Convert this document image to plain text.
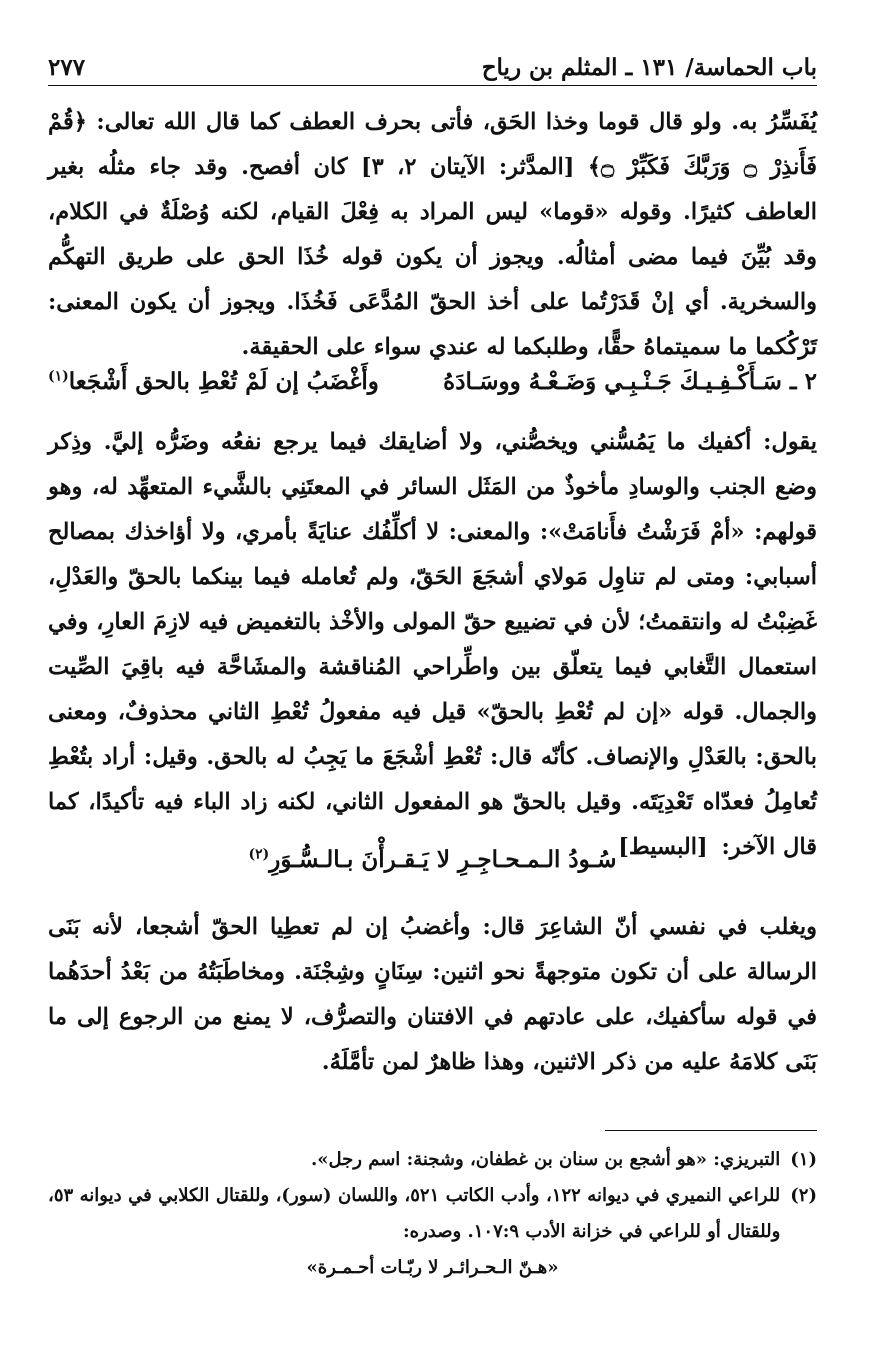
باب الحماسة/ ١٣١ ـ المثلم بن رياح
٢٧٧

يُفَسِّرُ به. ولو قال قوما وخذا الحَق، فأتى بحرف العطف كما قال الله تعالى: ﴿قُمْ فَأَنذِرْ ۝ وَرَبَّكَ فَكَبِّرْ ۝﴾ [المدَّثر: الآيتان ٢، ٣] كان أفصح. وقد جاء مثلُه بغير العاطف كثيرًا. وقوله «قوما» ليس المراد به فِعْلَ القيام، لكنه وُصْلَةٌ في الكلام، وقد بُيِّنَ فيما مضى أمثالُه. ويجوز أن يكون قوله خُذَا الحق على طريق التهكُّم والسخرية. أي إنْ قَدَرْتُما على أخذ الحقّ المُدَّعَى فَخُذَا. ويجوز أن يكون المعنى: تَرْكُكما ما سميتماهُ حقًّا، وطلبكما له عندي سواء على الحقيقة.

٢ ـ سَـأَكْـفِـيـكَ جَـنْـبِـي وَضَـعْـهُ ووسَـادَهُ
وأَغْضَبُ إن لَمْ تُعْطِ بالحق أَشْجَعا$^{(١)}$

يقول: أكفيك ما يَمُسُّني ويخصُّني، ولا أضايقك فيما يرجع نفعُه وضَرُّه إليَّ. وذِكر وضع الجنب والوسادِ مأخوذٌ من المَثَل السائر في المعتَنِي بالشَّيء المتعهِّد له، وهو قولهم: «أمْ فَرَشْتُ فأَنامَتْ»: والمعنى: لا أكلِّفُك عنايَةً بأمري، ولا أؤاخذك بمصالح أسبابي: ومتى لم تناوِل مَولاي أشجَعَ الحَقّ، ولم تُعامله فيما بينكما بالحقّ والعَدْلِ، غَضِبْتُ له وانتقمتُ؛ لأن في تضييع حقّ المولى والأخْذ بالتغميض فيه لازِمَ العارِ، وفي استعمال التَّغابي فيما يتعلّق بين واطِّراحي المُناقشة والمشَاحَّة فيه باقِيَ الصِّيت والجمال. قوله «إن لم تُعْطِ بالحقّ» قيل فيه مفعولُ تُعْطِ الثاني محذوفٌ، ومعنى بالحق: بالعَدْلِ والإنصاف. كأنّه قال: تُعْطِ أشْجَعَ ما يَجِبُ له بالحق. وقيل: أراد بتُعْطِ تُعامِلُ فعدّاه تَعْدِيَتَه. وقيل بالحقّ هو المفعول الثاني، لكنه زاد الباء فيه تأكيدًا، كما قال الآخر: [البسيط]

سُـودُ الـمـحـاجِـرِ لا يَـقـرأْنَ بـالـسُّـوَرِ$^{(٢)}$

ويغلب في نفسي أنّ الشاعِرَ قال: وأغضبُ إن لم تعطِيا الحقّ أشجعا، لأنه بَنَى الرسالة على أن تكون متوجهةً نحو اثنين: سِنَانٍ وشِجْنَة. ومخاطَبَتُهُ من بَعْدُ أحدَهُما في قوله سأكفيك، على عادتهم في الافتنان والتصرُّف، لا يمنع من الرجوع إلى ما بَنَى كلامَهُ عليه من ذكر الاثنين، وهذا ظاهرٌ لمن تأمَّلَهُ.

(١)
التبريزي: «هو أشجع بن سنان بن غطفان، وشجنة: اسم رجل».
(٢)
للراعي النميري في ديوانه ١٢٢، وأدب الكاتب ٥٢١، واللسان (سور)، وللقتال الكلابي في ديوانه ٥٣، وللقتال أو للراعي في خزانة الأدب ١٠٧:٩. وصدره:
«هـنّ الـحـرائـر لا ربّـات أحـمـرة»
